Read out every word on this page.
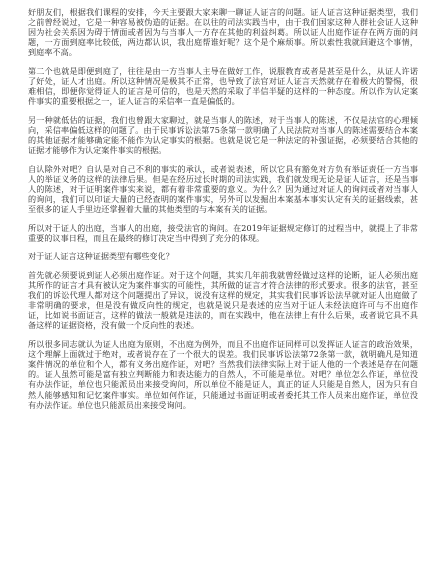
好朋友们，根据我们课程的安排，今天主要跟大家来聊一聊证人证言的问题。证人证言这种证据类型，我们之前曾经说过，它是一种容易被伪造的证据。在以往的司法实践当中，由于我们国家这种人群社会证人这种因为社会关系因为碍于情面或者因为与当事人一方存在其他的利益纠葛。所以证人出庭作证存在两方面的问题，一方面到庭率比较低，两边都认识，我出庭帮谁好呢？这个是个麻烦事。所以索性我就回避这个事情，到庭率不高。

第二个也就是即便到庭了，往往是由一方当事人主导在做好工作，说服教育或者是甚至是什么，从证人许诺了好处，证人才出庭。所以这种情况是极其不正常，也导致了法官对证人证言天然就存在着极大的警惕，很难相信，即便你觉得证人的证言是可信的，也是天然的采取了半信半疑的这样的一种态度。所以作为认定案件事实的重要根据之一，证人证言的采信率一直是偏低的。

另一种就低估的证据，我们也曾跟大家聊过，就是当事人的陈述，对于当事人的陈述，不仅是法官的心理倾向，采信率偏低这样的问题了。由于民事诉讼法第75条第一款明确了人民法院对当事人的陈述需要结合本案的其他证据才能够确定能不能作为认定事实的根据。也就是说它是一种法定的补强证据，必须要结合其他的证据才能够作为认定案件事实的根据。

自认除外对吧？自认是对自己不利的事实的承认，或者说表述，所以它具有豁免对方负有举证责任一方当事人的举证义务的这样的法律后果。但是在经历过长时期的司法实践，我们就发现无论是证人证言，还是当事人的陈述，对于证明案件事实来说，都有着非常重要的意义。为什么？因为通过对证人的询问或者对当事人的询问，我们可以印证大量的已经查明的案件事实，另外可以发掘出本案基本事实认定有关的证据线索，甚至很多的证人手里边还掌握着大量的其他类型的与本案有关的证据。

所以对于证人的出庭，当事人的出庭，接受法官的询问。在2019年证据规定修订的过程当中，就提上了非常重要的议事日程，而且在最终的修订决定当中得到了充分的体现。

对于证人证言这种证据类型有哪些变化？

首先就必须要说到证人必须出庭作证。对于这个问题，其实几年前我就曾经做过这样的论断，证人必须出庭其所作的证言才具有被认定为案件事实的可能性，其所做的证言才符合法律的形式要求。很多的法官，甚至我们的诉讼代理人都对这个问题提出了异议，说没有这样的规定，其实我们民事诉讼法早就对证人出庭做了非常明确的要求，但是没有做反向性的规定，也就是说只是表述的应当对于证人未经法庭许可与不出庭作证，比如说书面证言，这样的做法一般就是违法的，而在实践中，他在法律上有什么后果，或者说它具不具备这样的证据资格，没有做一个反向性的表述。

所以很多同志就认为证人出庭为原则，不出庭为例外，而且不出庭作证同样可以发挥证人证言的政治效果，这个理解上面就过于绝对，或者说存在了一个很大的误差。我们民事诉讼法第72条第一款，就明确凡是知道案件情况的单位和个人，都有义务出庭作证，对吧？当然我们法律实际上对于证人他的一个表述是存在问题的。证人虽然可能是富有独立判断能力和表达能力的自然人，不可能是单位。对吧？单位怎么作证，单位没有办法作证，单位也只能派员出来接受询问，所以单位不能是证人，真正的证人只能是自然人，因为只有自然人能够感知和记忆案件事实。单位如何作证，只能通过书面证明或者委托其工作人员来出庭作证，单位没有办法作证。单位也只能派员出来接受询问。
